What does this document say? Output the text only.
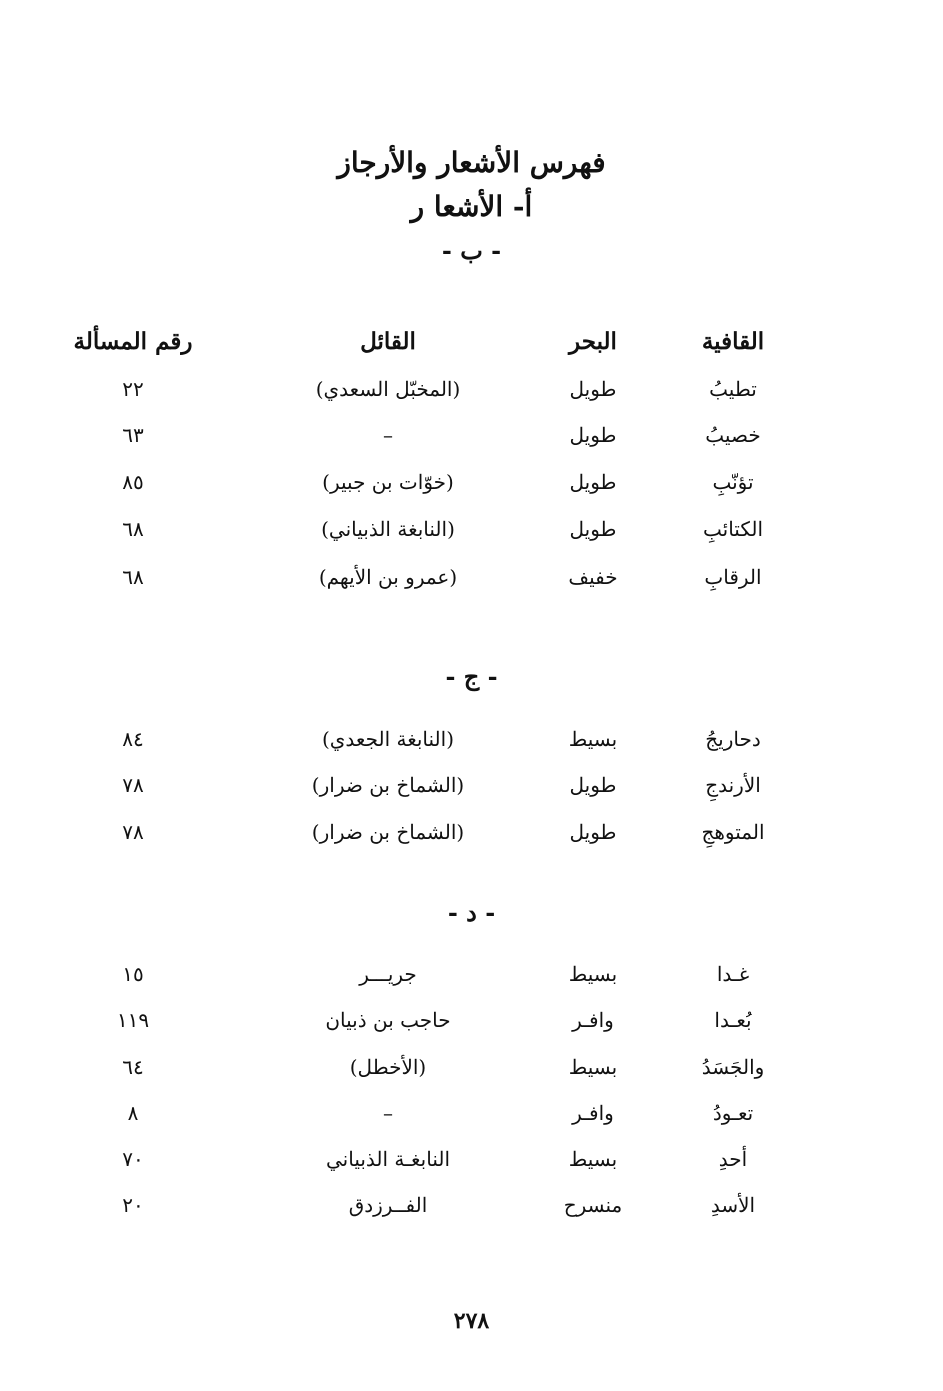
فهرس الأشعار والأرجاز
أ- الأشعا ر
- ب -
القافية
البحر
القائل
رقم المسألة
تطيبُ
طويل
(المخبّل السعدي)
٢٢
خصيبُ
طويل
–
٦٣
تؤنّبِ
طويل
(خوّات بن جبير)
٨٥
الكتائبِ
طويل
(النابغة الذبياني)
٦٨
الرقابِ
خفيف
(عمرو بن الأيهم)
٦٨
- ج -
دحاريجُ
بسيط
(النابغة الجعدي)
٨٤
الأرندجِ
طويل
(الشماخ بن ضرار)
٧٨
المتوهجِ
طويل
(الشماخ بن ضرار)
٧٨
- د -
غـدا
بسيط
جريـــر
١٥
بُعـدا
وافـر
حاجب بن ذبيان
١١٩
والجَسَدُ
بسيط
(الأخطل)
٦٤
تعـودُ
وافـر
–
٨
أحدِ
بسيط
النابغـة الذبياني
٧٠
الأسدِ
منسرح
الفــرزدق
٢٠
٢٧٨
